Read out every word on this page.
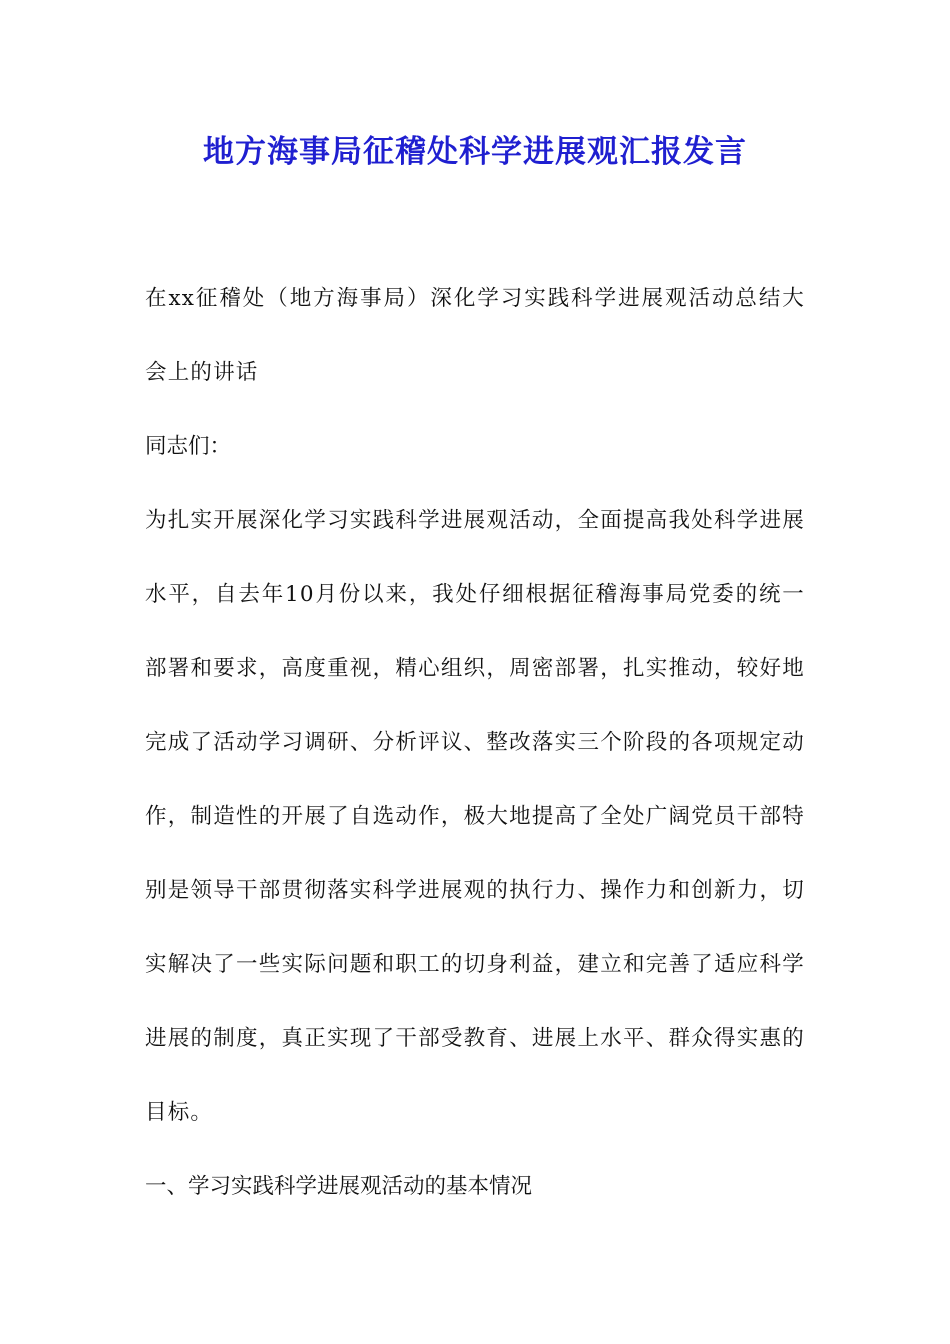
地方海事局征稽处科学进展观汇报发言

在xx征稽处（地方海事局）深化学习实践科学进展观活动总结大会上的讲话

同志们：

为扎实开展深化学习实践科学进展观活动，全面提高我处科学进展水平，自去年10月份以来，我处仔细根据征稽海事局党委的统一部署和要求，高度重视，精心组织，周密部署，扎实推动，较好地完成了活动学习调研、分析评议、整改落实三个阶段的各项规定动作，制造性的开展了自选动作，极大地提高了全处广阔党员干部特别是领导干部贯彻落实科学进展观的执行力、操作力和创新力，切实解决了一些实际问题和职工的切身利益，建立和完善了适应科学进展的制度，真正实现了干部受教育、进展上水平、群众得实惠的目标。

一、学习实践科学进展观活动的基本情况
